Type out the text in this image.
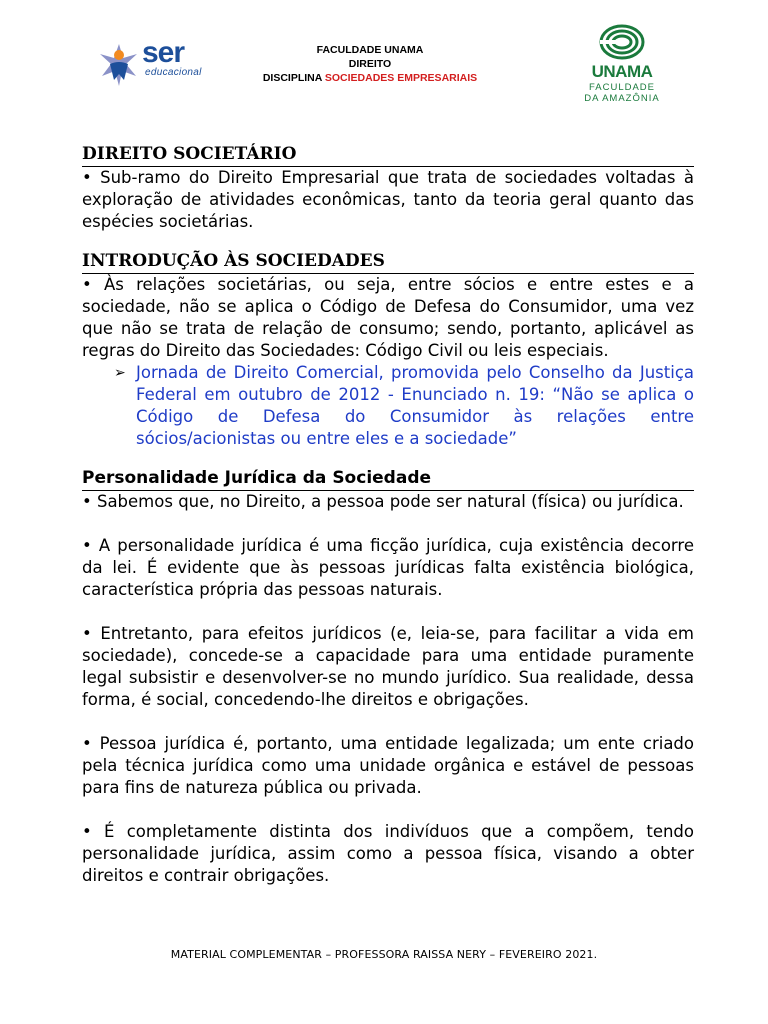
ser
educacional
FACULDADE UNAMA
DIREITO
DISCIPLINA SOCIEDADES EMPRESARIAIS	UNAMA
FACULDADE
DA AMAZÔNIA
DIREITO SOCIETÁRIO

• Sub-ramo do Direito Empresarial que trata de sociedades voltadas à exploração de atividades econômicas, tanto da teoria geral quanto das espécies societárias.

INTRODUÇÃO ÀS SOCIEDADES

• Às relações societárias, ou seja, entre sócios e entre estes e a sociedade, não se aplica o Código de Defesa do Consumidor, uma vez que não se trata de relação de consumo; sendo, portanto, aplicável as regras do Direito das Sociedades: Código Civil ou leis especiais.

➢ Jornada de Direito Comercial, promovida pelo Conselho da Justiça Federal em outubro de 2012 - Enunciado n. 19: “Não se aplica o Código de Defesa do Consumidor às relações entre sócios/acionistas ou entre eles e a sociedade”
Personalidade Jurídica da Sociedade

• Sabemos que, no Direito, a pessoa pode ser natural (física) ou jurídica.

• A personalidade jurídica é uma ficção jurídica, cuja existência decorre da lei. É evidente que às pessoas jurídicas falta existência biológica, característica própria das pessoas naturais.

• Entretanto, para efeitos jurídicos (e, leia-se, para facilitar a vida em sociedade), concede-se a capacidade para uma entidade puramente legal subsistir e desenvolver-se no mundo jurídico. Sua realidade, dessa forma, é social, concedendo-lhe direitos e obrigações.

• Pessoa jurídica é, portanto, uma entidade legalizada; um ente criado pela técnica jurídica como uma unidade orgânica e estável de pessoas para fins de natureza pública ou privada.

• É completamente distinta dos indivíduos que a compõem, tendo personalidade jurídica, assim como a pessoa física, visando a obter direitos e contrair obrigações.

MATERIAL COMPLEMENTAR – PROFESSORA RAISSA NERY – FEVEREIRO 2021.
